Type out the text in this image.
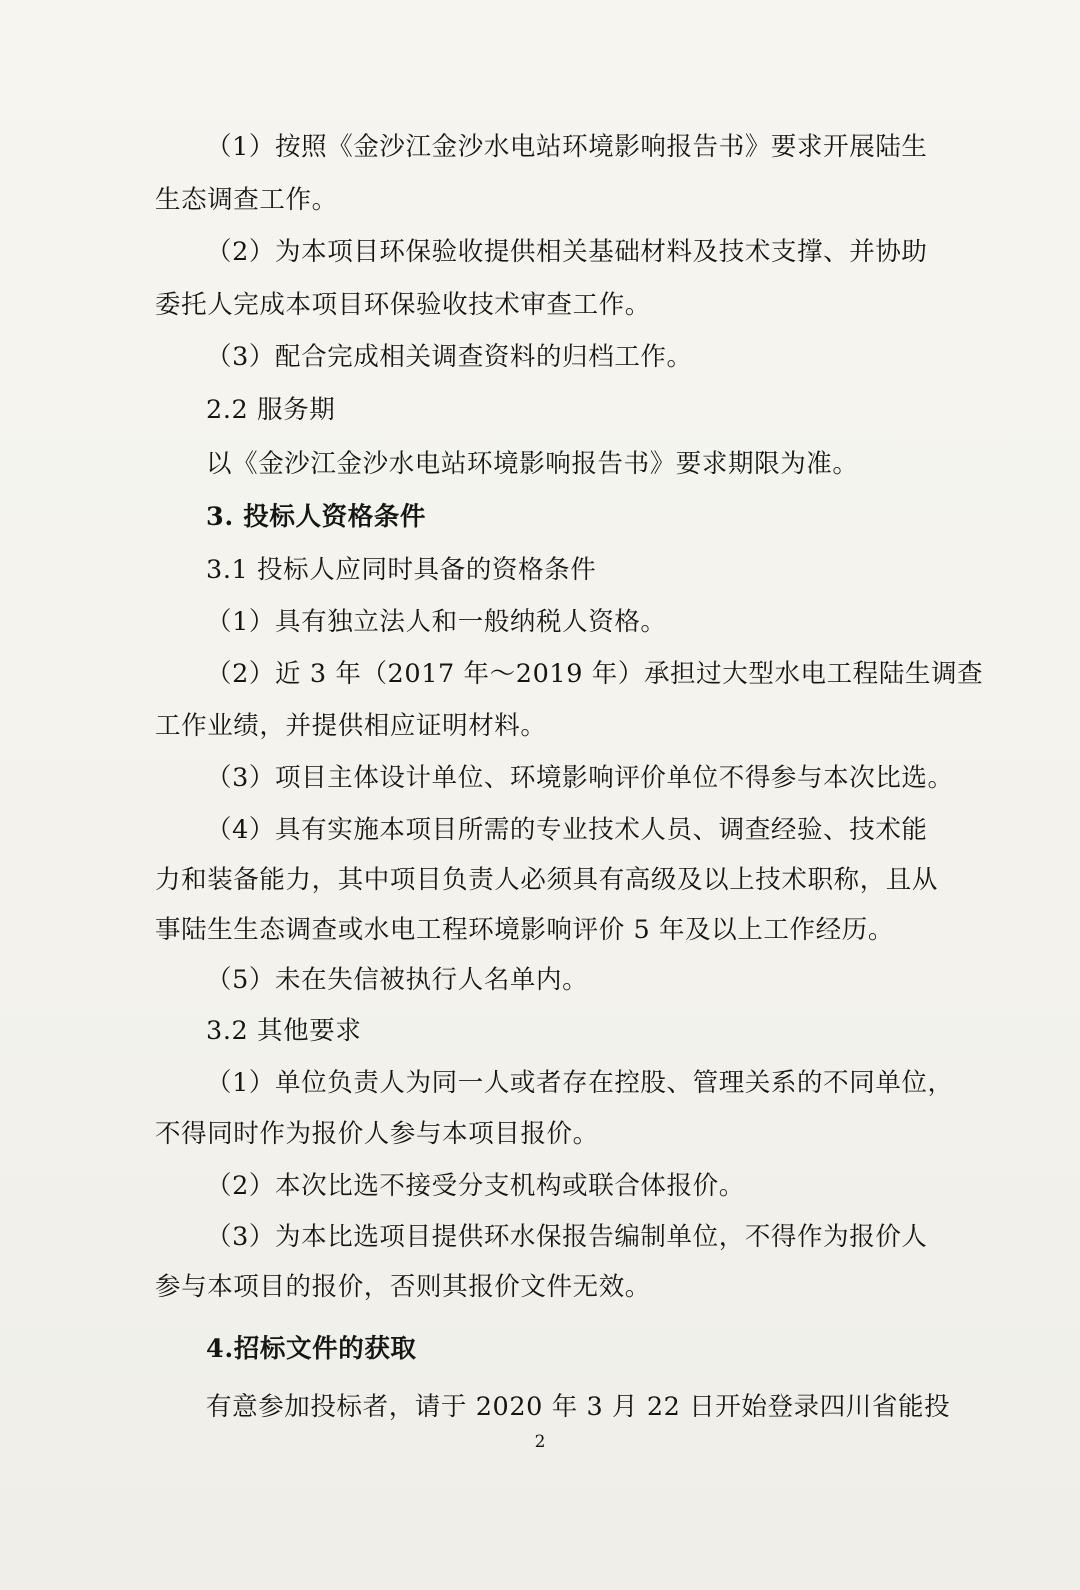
（1）按照《金沙江金沙水电站环境影响报告书》要求开展陆生

生态调查工作。

（2）为本项目环保验收提供相关基础材料及技术支撑、并协助

委托人完成本项目环保验收技术审查工作。

（3）配合完成相关调查资料的归档工作。

2.2 服务期

以《金沙江金沙水电站环境影响报告书》要求期限为准。

3. 投标人资格条件

3.1 投标人应同时具备的资格条件

（1）具有独立法人和一般纳税人资格。

（2）近 3 年（2017 年～2019 年）承担过大型水电工程陆生调查

工作业绩，并提供相应证明材料。

（3）项目主体设计单位、环境影响评价单位不得参与本次比选。

（4）具有实施本项目所需的专业技术人员、调查经验、技术能

力和装备能力，其中项目负责人必须具有高级及以上技术职称，且从

事陆生生态调查或水电工程环境影响评价 5 年及以上工作经历。

（5）未在失信被执行人名单内。

3.2 其他要求

（1）单位负责人为同一人或者存在控股、管理关系的不同单位，

不得同时作为报价人参与本项目报价。

（2）本次比选不接受分支机构或联合体报价。

（3）为本比选项目提供环水保报告编制单位，不得作为报价人

参与本项目的报价，否则其报价文件无效。

4.招标文件的获取

有意参加投标者，请于 2020 年 3 月 22 日开始登录四川省能投

2
